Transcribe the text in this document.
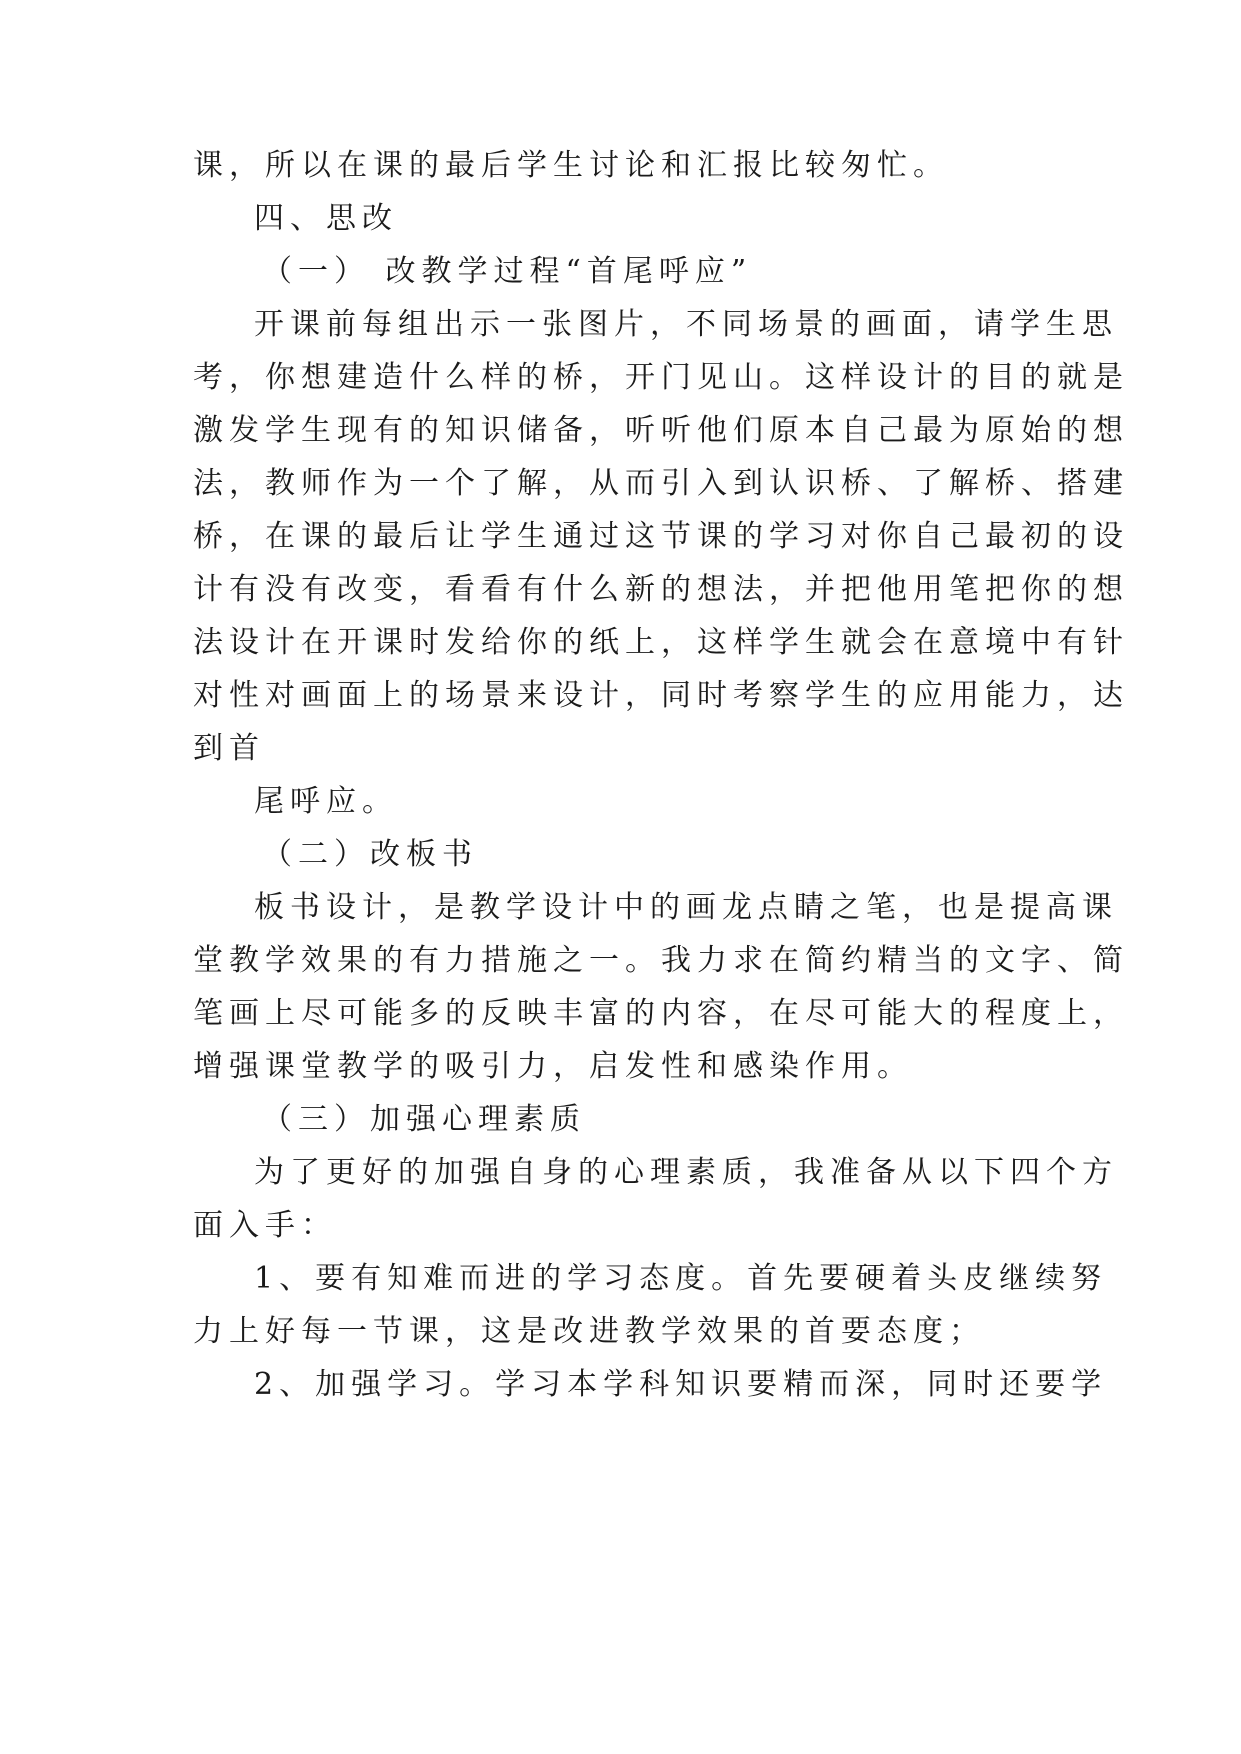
课，所以在课的最后学生讨论和汇报比较匆忙。
四、思改
（一） 改教学过程“首尾呼应”
开课前每组出示一张图片，不同场景的画面，请学生思
考，你想建造什么样的桥，开门见山。这样设计的目的就是
激发学生现有的知识储备，听听他们原本自己最为原始的想
法，教师作为一个了解，从而引入到认识桥、了解桥、搭建
桥，在课的最后让学生通过这节课的学习对你自己最初的设
计有没有改变，看看有什么新的想法，并把他用笔把你的想
法设计在开课时发给你的纸上，这样学生就会在意境中有针
对性对画面上的场景来设计，同时考察学生的应用能力，达
到首
尾呼应。
（二）改板书
板书设计，是教学设计中的画龙点睛之笔，也是提高课
堂教学效果的有力措施之一。我力求在简约精当的文字、简
笔画上尽可能多的反映丰富的内容，在尽可能大的程度上，
增强课堂教学的吸引力，启发性和感染作用。
（三）加强心理素质
为了更好的加强自身的心理素质，我准备从以下四个方
面入手：
1、要有知难而进的学习态度。首先要硬着头皮继续努
力上好每一节课，这是改进教学效果的首要态度；
2、加强学习。学习本学科知识要精而深，同时还要学
